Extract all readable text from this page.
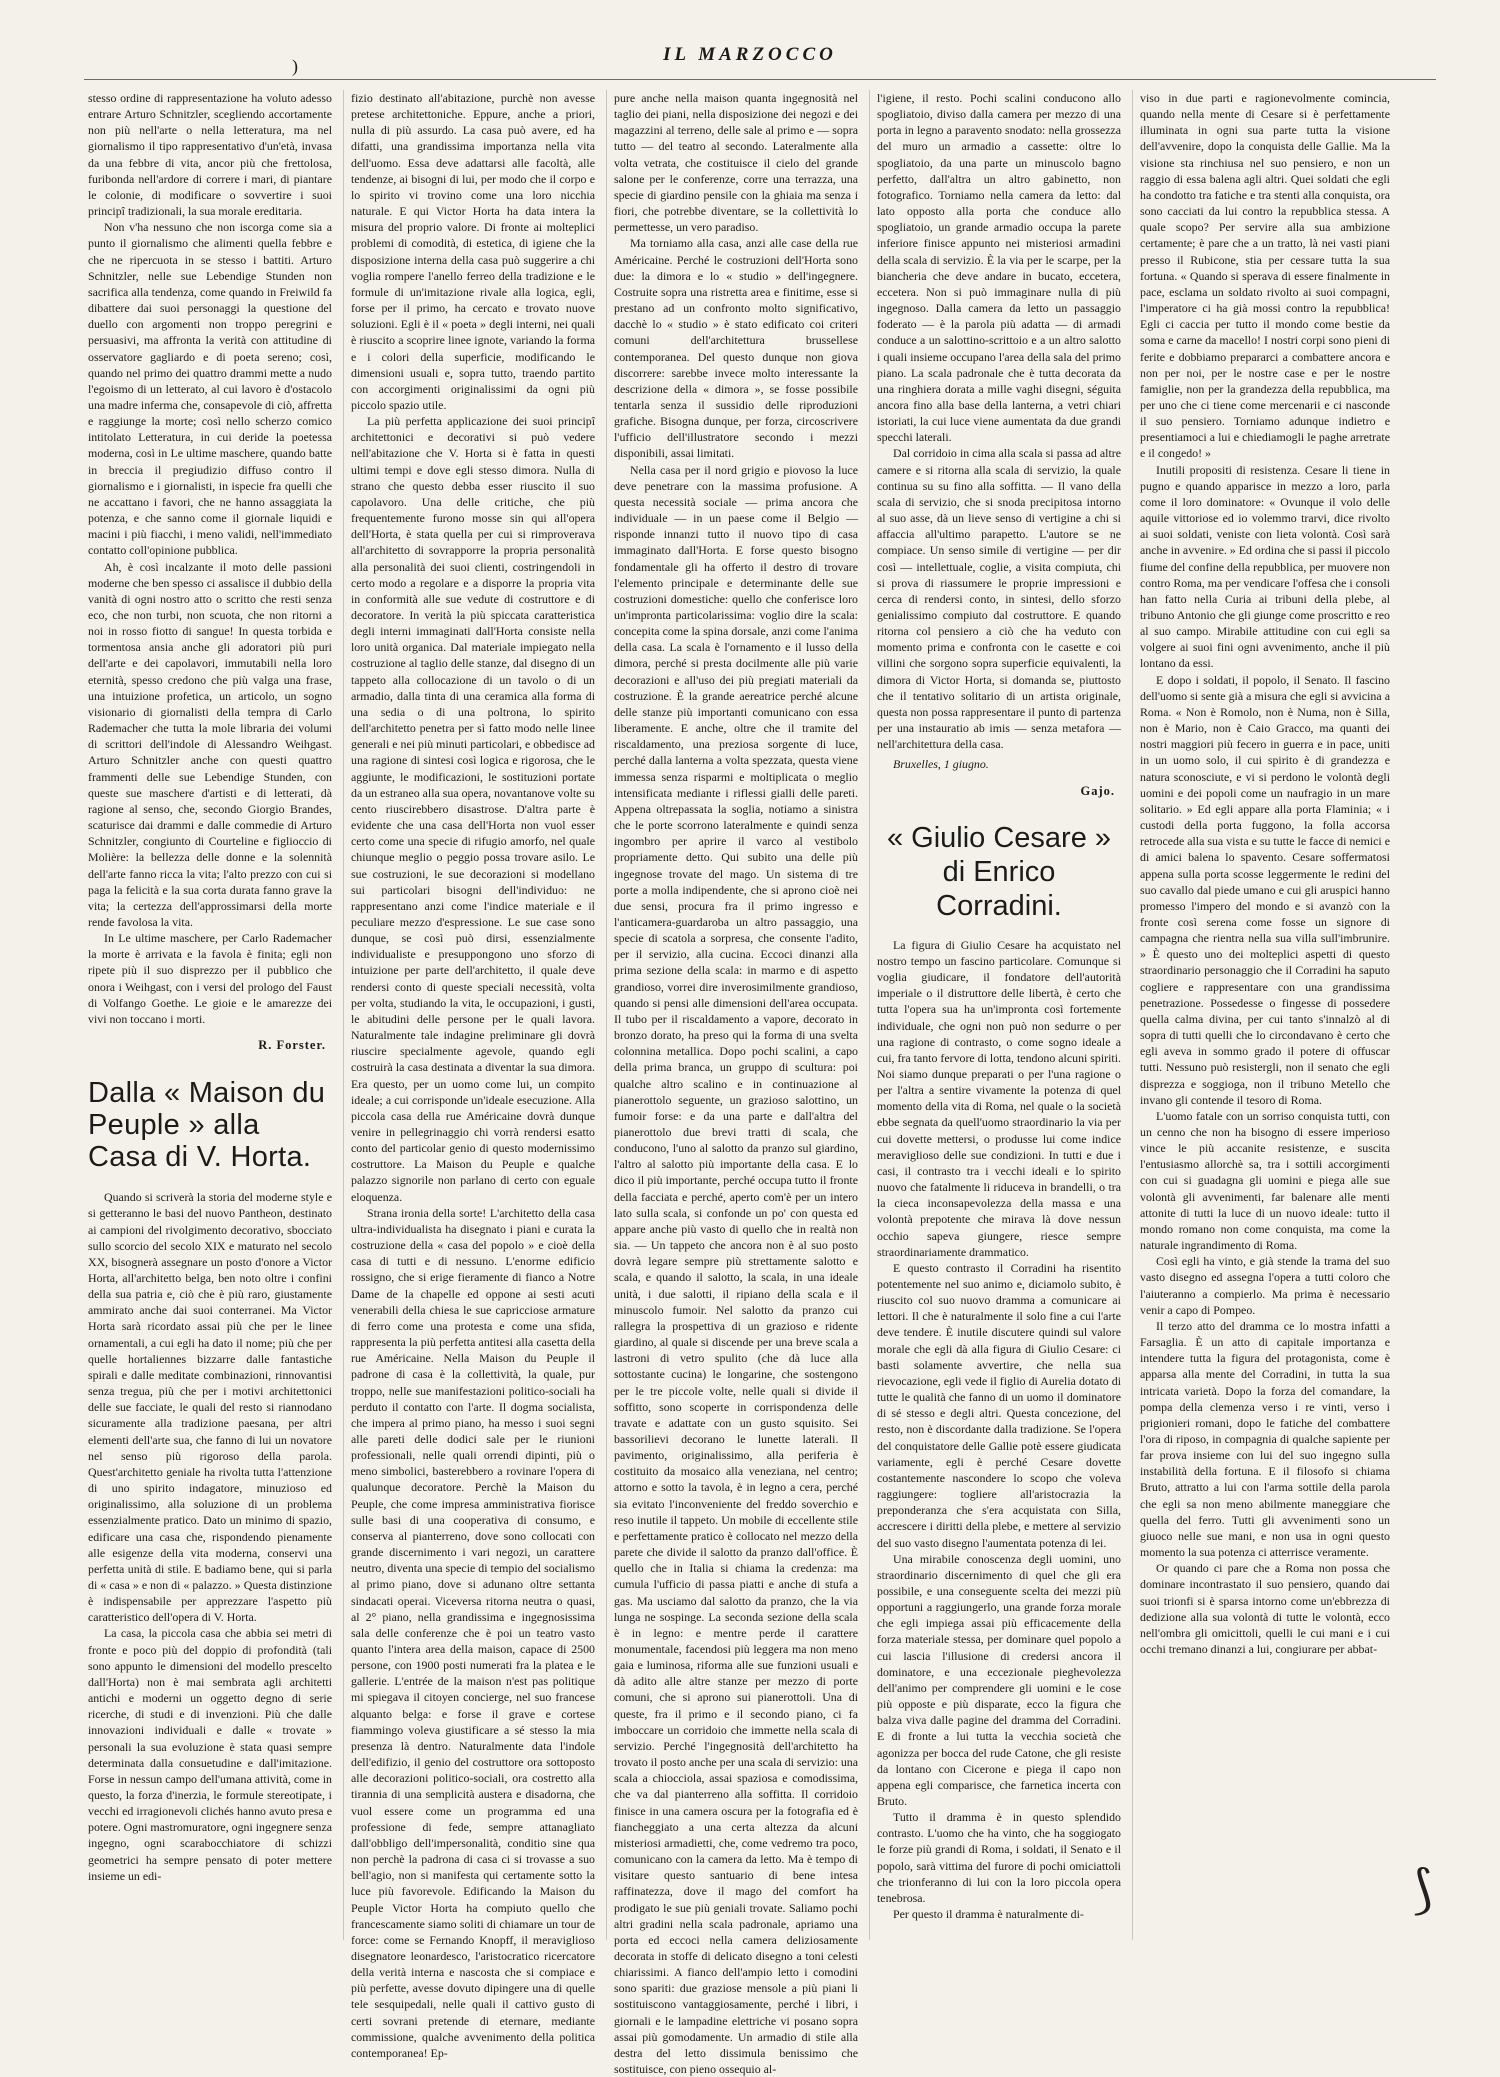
IL MARZOCCO
)

stesso ordine di rappresentazione ha voluto adesso entrare Arturo Schnitzler, scegliendo accortamente non più nell'arte o nella letteratura, ma nel giornalismo il tipo rappresentativo d'un'età, invasa da una febbre di vita, ancor più che frettolosa, furibonda nell'ardore di correre i mari, di piantare le colonie, di modificare o sovvertire i suoi principî tradizionali, la sua morale ereditaria.

Non v'ha nessuno che non iscorga come sia a punto il giornalismo che alimenti quella febbre e che ne ripercuota in se stesso i battiti. Arturo Schnitzler, nelle sue Lebendige Stunden non sacrifica alla tendenza, come quando in Freiwild fa dibattere dai suoi personaggi la questione del duello con argomenti non troppo peregrini e persuasivi, ma affronta la verità con attitudine di osservatore gagliardo e di poeta sereno; così, quando nel primo dei quattro drammi mette a nudo l'egoismo di un letterato, al cui lavoro è d'ostacolo una madre inferma che, consapevole di ciò, affretta e raggiunge la morte; così nello scherzo comico intitolato Letteratura, in cui deride la poetessa moderna, così in Le ultime maschere, quando batte in breccia il pregiudizio diffuso contro il giornalismo e i giornalisti, in ispecie fra quelli che ne accattano i favori, che ne hanno assaggiata la potenza, e che sanno come il giornale liquidi e macini i più fiacchi, i meno validi, nell'immediato contatto coll'opinione pubblica.

Ah, è così incalzante il moto delle passioni moderne che ben spesso ci assalisce il dubbio della vanità di ogni nostro atto o scritto che resti senza eco, che non turbi, non scuota, che non ritorni a noi in rosso fiotto di sangue! In questa torbida e tormentosa ansia anche gli adoratori più puri dell'arte e dei capolavori, immutabili nella loro eternità, spesso credono che più valga una frase, una intuizione profetica, un articolo, un sogno visionario di giornalisti della tempra di Carlo Rademacher che tutta la mole libraria dei volumi di scrittori dell'indole di Alessandro Weihgast. Arturo Schnitzler anche con questi quattro frammenti delle sue Lebendige Stunden, con queste sue maschere d'artisti e di letterati, dà ragione al senso, che, secondo Giorgio Brandes, scaturisce dai drammi e dalle commedie di Arturo Schnitzler, congiunto di Courteline e figlioccio di Molière: la bellezza delle donne e la solennità dell'arte fanno ricca la vita; l'alto prezzo con cui si paga la felicità e la sua corta durata fanno grave la vita; la certezza dell'approssimarsi della morte rende favolosa la vita.

In Le ultime maschere, per Carlo Rademacher la morte è arrivata e la favola è finita; egli non ripete più il suo disprezzo per il pubblico che onora i Weihgast, con i versi del prologo del Faust di Volfango Goethe. Le gioie e le amarezze dei vivi non toccano i morti.

R. Forster.
Dalla « Maison du Peuple » alla Casa di V. Horta.

Quando si scriverà la storia del moderne style e si getteranno le basi del nuovo Pantheon, destinato ai campioni del rivolgimento decorativo, sbocciato sullo scorcio del secolo XIX e maturato nel secolo XX, bisognerà assegnare un posto d'onore a Victor Horta, all'architetto belga, ben noto oltre i confini della sua patria e, ciò che è più raro, giustamente ammirato anche dai suoi conterranei. Ma Victor Horta sarà ricordato assai più che per le linee ornamentali, a cui egli ha dato il nome; più che per quelle hortaliennes bizzarre dalle fantastiche spirali e dalle meditate combinazioni, rinnovantisi senza tregua, più che per i motivi architettonici delle sue facciate, le quali del resto si riannodano sicuramente alla tradizione paesana, per altri elementi dell'arte sua, che fanno di lui un novatore nel senso più rigoroso della parola. Quest'architetto geniale ha rivolta tutta l'attenzione di uno spirito indagatore, minuzioso ed originalissimo, alla soluzione di un problema essenzialmente pratico. Dato un minimo di spazio, edificare una casa che, rispondendo pienamente alle esigenze della vita moderna, conservi una perfetta unità di stile. E badiamo bene, qui si parla di « casa » e non di « palazzo. » Questa distinzione è indispensabile per apprezzare l'aspetto più caratteristico dell'opera di V. Horta.

La casa, la piccola casa che abbia sei metri di fronte e poco più del doppio di profondità (tali sono appunto le dimensioni del modello prescelto dall'Horta) non è mai sembrata agli architetti antichi e moderni un oggetto degno di serie ricerche, di studi e di invenzioni. Più che dalle innovazioni individuali e dalle « trovate » personali la sua evoluzione è stata quasi sempre determinata dalla consuetudine e dall'imitazione. Forse in nessun campo dell'umana attività, come in questo, la forza d'inerzia, le formule stereotipate, i vecchi ed irragionevoli clichés hanno avuto presa e potere. Ogni mastromuratore, ogni ingegnere senza ingegno, ogni scarabocchiatore di schizzi geometrici ha sempre pensato di poter mettere insieme un edi-

fizio destinato all'abitazione, purchè non avesse pretese architettoniche. Eppure, anche a priori, nulla di più assurdo. La casa può avere, ed ha difatti, una grandissima importanza nella vita dell'uomo. Essa deve adattarsi alle facoltà, alle tendenze, ai bisogni di lui, per modo che il corpo e lo spirito vi trovino come una loro nicchia naturale. E qui Victor Horta ha data intera la misura del proprio valore. Di fronte ai molteplici problemi di comodità, di estetica, di igiene che la disposizione interna della casa può suggerire a chi voglia rompere l'anello ferreo della tradizione e le formule di un'imitazione rivale alla logica, egli, forse per il primo, ha cercato e trovato nuove soluzioni. Egli è il « poeta » degli interni, nei quali è riuscito a scoprire linee ignote, variando la forma e i colori della superficie, modificando le dimensioni usuali e, sopra tutto, traendo partito con accorgimenti originalissimi da ogni più piccolo spazio utile.

La più perfetta applicazione dei suoi principî architettonici e decorativi si può vedere nell'abitazione che V. Horta si è fatta in questi ultimi tempi e dove egli stesso dimora. Nulla di strano che questo debba esser riuscito il suo capolavoro. Una delle critiche, che più frequentemente furono mosse sin qui all'opera dell'Horta, è stata quella per cui si rimproverava all'architetto di sovrapporre la propria personalità alla personalità dei suoi clienti, costringendoli in certo modo a regolare e a disporre la propria vita in conformità alle sue vedute di costruttore e di decoratore. In verità la più spiccata caratteristica degli interni immaginati dall'Horta consiste nella loro unità organica. Dal materiale impiegato nella costruzione al taglio delle stanze, dal disegno di un tappeto alla collocazione di un tavolo o di un armadio, dalla tinta di una ceramica alla forma di una sedia o di una poltrona, lo spirito dell'architetto penetra per sì fatto modo nelle linee generali e nei più minuti particolari, e obbedisce ad una ragione di sintesi così logica e rigorosa, che le aggiunte, le modificazioni, le sostituzioni portate da un estraneo alla sua opera, novantanove volte su cento riuscirebbero disastrose. D'altra parte è evidente che una casa dell'Horta non vuol esser certo come una specie di rifugio amorfo, nel quale chiunque meglio o peggio possa trovare asilo. Le sue costruzioni, le sue decorazioni si modellano sui particolari bisogni dell'individuo: ne rappresentano anzi come l'indice materiale e il peculiare mezzo d'espressione. Le sue case sono dunque, se così può dirsi, essenzialmente individualiste e presuppongono uno sforzo di intuizione per parte dell'architetto, il quale deve rendersi conto di queste speciali necessità, volta per volta, studiando la vita, le occupazioni, i gusti, le abitudini delle persone per le quali lavora. Naturalmente tale indagine preliminare gli dovrà riuscire specialmente agevole, quando egli costruirà la casa destinata a diventar la sua dimora. Era questo, per un uomo come lui, un compito ideale; a cui corrisponde un'ideale esecuzione. Alla piccola casa della rue Américaine dovrà dunque venire in pellegrinaggio chi vorrà rendersi esatto conto del particolar genio di questo modernissimo costruttore. La Maison du Peuple e qualche palazzo signorile non parlano di certo con eguale eloquenza.

Strana ironia della sorte! L'architetto della casa ultra-individualista ha disegnato i piani e curata la costruzione della « casa del popolo » e cioè della casa di tutti e di nessuno. L'enorme edificio rossigno, che si erige fieramente di fianco a Notre Dame de la chapelle ed oppone ai sesti acuti venerabili della chiesa le sue capricciose armature di ferro come una protesta e come una sfida, rappresenta la più perfetta antitesi alla casetta della rue Américaine. Nella Maison du Peuple il padrone di casa è la collettività, la quale, pur troppo, nelle sue manifestazioni politico-sociali ha perduto il contatto con l'arte. Il dogma socialista, che impera al primo piano, ha messo i suoi segni alle pareti delle dodici sale per le riunioni professionali, nelle quali orrendi dipinti, più o meno simbolici, basterebbero a rovinare l'opera di qualunque decoratore. Perchè la Maison du Peuple, che come impresa amministrativa fiorisce sulle basi di una cooperativa di consumo, e conserva al pianterreno, dove sono collocati con grande discernimento i vari negozi, un carattere neutro, diventa una specie di tempio del socialismo al primo piano, dove si adunano oltre settanta sindacati operai. Viceversa ritorna neutra o quasi, al 2° piano, nella grandissima e ingegnosissima sala delle conferenze che è poi un teatro vasto quanto l'intera area della maison, capace di 2500 persone, con 1900 posti numerati fra la platea e le gallerie. L'entrée de la maison n'est pas politique mi spiegava il citoyen concierge, nel suo francese alquanto belga: e forse il grave e cortese fiammingo voleva giustificare a sé stesso la mia presenza là dentro. Naturalmente data l'indole dell'edifizio, il genio del costruttore ora sottoposto alle decorazioni politico-sociali, ora costretto alla tirannia di una semplicità austera e disadorna, che vuol essere come un programma ed una professione di fede, sempre attanagliato dall'obbligo dell'impersonalità, conditio sine qua non perchè la padrona di casa ci si trovasse a suo bell'agio, non si manifesta qui certamente sotto la luce più favorevole. Edificando la Maison du Peuple Victor Horta ha compiuto quello che francescamente siamo soliti di chiamare un tour de force: come se Fernando Knopff, il meraviglioso disegnatore leonardesco, l'aristocratico ricercatore della verità interna e nascosta che si compiace e più perfette, avesse dovuto dipingere una di quelle tele sesquipedali, nelle quali il cattivo gusto di certi sovrani pretende di eternare, mediante commissione, qualche avvenimento della politica contemporanea! Ep-

pure anche nella maison quanta ingegnosità nel taglio dei piani, nella disposizione dei negozi e dei magazzini al terreno, delle sale al primo e — sopra tutto — del teatro al secondo. Lateralmente alla volta vetrata, che costituisce il cielo del grande salone per le conferenze, corre una terrazza, una specie di giardino pensile con la ghiaia ma senza i fiori, che potrebbe diventare, se la collettività lo permettesse, un vero paradiso.

Ma torniamo alla casa, anzi alle case della rue Américaine. Perché le costruzioni dell'Horta sono due: la dimora e lo « studio » dell'ingegnere. Costruite sopra una ristretta area e finitime, esse si prestano ad un confronto molto significativo, dacchè lo « studio » è stato edificato coi criteri comuni dell'architettura brussellese contemporanea. Del questo dunque non giova discorrere: sarebbe invece molto interessante la descrizione della « dimora », se fosse possibile tentarla senza il sussidio delle riproduzioni grafiche. Bisogna dunque, per forza, circoscrivere l'ufficio dell'illustratore secondo i mezzi disponibili, assai limitati.

Nella casa per il nord grigio e piovoso la luce deve penetrare con la massima profusione. A questa necessità sociale — prima ancora che individuale — in un paese come il Belgio — risponde innanzi tutto il nuovo tipo di casa immaginato dall'Horta. E forse questo bisogno fondamentale gli ha offerto il destro di trovare l'elemento principale e determinante delle sue costruzioni domestiche: quello che conferisce loro un'impronta particolarissima: voglio dire la scala: concepita come la spina dorsale, anzi come l'anima della casa. La scala è l'ornamento e il lusso della dimora, perché si presta docilmente alle più varie decorazioni e all'uso dei più pregiati materiali da costruzione. È la grande aereatrice perché alcune delle stanze più importanti comunicano con essa liberamente. E anche, oltre che il tramite del riscaldamento, una preziosa sorgente di luce, perché dalla lanterna a volta spezzata, questa viene immessa senza risparmi e moltiplicata o meglio intensificata mediante i riflessi gialli delle pareti. Appena oltrepassata la soglia, notiamo a sinistra che le porte scorrono lateralmente e quindi senza ingombro per aprire il varco al vestibolo propriamente detto. Qui subito una delle più ingegnose trovate del mago. Un sistema di tre porte a molla indipendente, che si aprono cioè nei due sensi, procura fra il primo ingresso e l'anticamera-guardaroba un altro passaggio, una specie di scatola a sorpresa, che consente l'adito, per il servizio, alla cucina. Eccoci dinanzi alla prima sezione della scala: in marmo e di aspetto grandioso, vorrei dire inverosimilmente grandioso, quando si pensi alle dimensioni dell'area occupata. Il tubo per il riscaldamento a vapore, decorato in bronzo dorato, ha preso qui la forma di una svelta colonnina metallica. Dopo pochi scalini, a capo della prima branca, un gruppo di scultura: poi qualche altro scalino e in continuazione al pianerottolo seguente, un grazioso salottino, un fumoir forse: e da una parte e dall'altra del pianerottolo due brevi tratti di scala, che conducono, l'uno al salotto da pranzo sul giardino, l'altro al salotto più importante della casa. E lo dico il più importante, perché occupa tutto il fronte della facciata e perché, aperto com'è per un intero lato sulla scala, si confonde un po' con questa ed appare anche più vasto di quello che in realtà non sia. — Un tappeto che ancora non è al suo posto dovrà legare sempre più strettamente salotto e scala, e quando il salotto, la scala, in una ideale unità, i due salotti, il ripiano della scala e il minuscolo fumoir. Nel salotto da pranzo cui rallegra la prospettiva di un grazioso e ridente giardino, al quale si discende per una breve scala a lastroni di vetro spulito (che dà luce alla sottostante cucina) le longarine, che sostengono per le tre piccole volte, nelle quali si divide il soffitto, sono scoperte in corrispondenza delle travate e adattate con un gusto squisito. Sei bassorilievi decorano le lunette laterali. Il pavimento, originalissimo, alla periferia è costituito da mosaico alla veneziana, nel centro; attorno e sotto la tavola, è in legno a cera, perché sia evitato l'inconveniente del freddo soverchio e reso inutile il tappeto. Un mobile di eccellente stile e perfettamente pratico è collocato nel mezzo della parete che divide il salotto da pranzo dall'office. È quello che in Italia si chiama la credenza: ma cumula l'ufficio di passa piatti e anche di stufa a gas. Ma usciamo dal salotto da pranzo, che la via lunga ne sospinge. La seconda sezione della scala è in legno: e mentre perde il carattere monumentale, facendosi più leggera ma non meno gaia e luminosa, riforma alle sue funzioni usuali e dà adito alle altre stanze per mezzo di porte comuni, che si aprono sui pianerottoli. Una di queste, fra il primo e il secondo piano, ci fa imboccare un corridoio che immette nella scala di servizio. Perché l'ingegnosità dell'architetto ha trovato il posto anche per una scala di servizio: una scala a chiocciola, assai spaziosa e comodissima, che va dal pianterreno alla soffitta. Il corridoio finisce in una camera oscura per la fotografia ed è fiancheggiato a una certa altezza da alcuni misteriosi armadietti, che, come vedremo tra poco, comunicano con la camera da letto. Ma è tempo di visitare questo santuario di bene intesa raffinatezza, dove il mago del comfort ha prodigato le sue più geniali trovate. Saliamo pochi altri gradini nella scala padronale, apriamo una porta ed eccoci nella camera deliziosamente decorata in stoffe di delicato disegno a toni celesti chiarissimi. A fianco dell'ampio letto i comodini sono spariti: due graziose mensole a più piani li sostituiscono vantaggiosamente, perché i libri, i giornali e le lampadine elettriche vi posano sopra assai più gomodamente. Un armadio di stile alla destra del letto dissimula benissimo che sostituisce, con pieno ossequio al-

l'igiene, il resto. Pochi scalini conducono allo spogliatoio, diviso dalla camera per mezzo di una porta in legno a paravento snodato: nella grossezza del muro un armadio a cassette: oltre lo spogliatoio, da una parte un minuscolo bagno perfetto, dall'altra un altro gabinetto, non fotografico. Torniamo nella camera da letto: dal lato opposto alla porta che conduce allo spogliatoio, un grande armadio occupa la parete inferiore finisce appunto nei misteriosi armadini della scala di servizio. È la via per le scarpe, per la biancheria che deve andare in bucato, eccetera, eccetera. Non si può immaginare nulla di più ingegnoso. Dalla camera da letto un passaggio foderato — è la parola più adatta — di armadi conduce a un salottino-scrittoio e a un altro salotto i quali insieme occupano l'area della sala del primo piano. La scala padronale che è tutta decorata da una ringhiera dorata a mille vaghi disegni, séguita ancora fino alla base della lanterna, a vetri chiari istoriati, la cui luce viene aumentata da due grandi specchi laterali.

Dal corridoio in cima alla scala si passa ad altre camere e si ritorna alla scala di servizio, la quale continua su su fino alla soffitta. — Il vano della scala di servizio, che si snoda precipitosa intorno al suo asse, dà un lieve senso di vertigine a chi si affaccia all'ultimo parapetto. L'autore se ne compiace. Un senso simile di vertigine — per dir così — intellettuale, coglie, a visita compiuta, chi si prova di riassumere le proprie impressioni e cerca di rendersi conto, in sintesi, dello sforzo genialissimo compiuto dal costruttore. E quando ritorna col pensiero a ciò che ha veduto con momento prima e confronta con le casette e coi villini che sorgono sopra superficie equivalenti, la dimora di Victor Horta, si domanda se, piuttosto che il tentativo solitario di un artista originale, questa non possa rappresentare il punto di partenza per una instauratio ab imis — senza metafora — nell'architettura della casa.

Bruxelles, 1 giugno.

Gajo.
« Giulio Cesare »
di Enrico Corradini.

La figura di Giulio Cesare ha acquistato nel nostro tempo un fascino particolare. Comunque si voglia giudicare, il fondatore dell'autorità imperiale o il distruttore delle libertà, è certo che tutta l'opera sua ha un'impronta così fortemente individuale, che ogni non può non sedurre o per una ragione di contrasto, o come sogno ideale a cui, fra tanto fervore di lotta, tendono alcuni spiriti. Noi siamo dunque preparati o per l'una ragione o per l'altra a sentire vivamente la potenza di quel momento della vita di Roma, nel quale o la società ebbe segnata da quell'uomo straordinario la via per cui dovette mettersi, o produsse lui come indice meraviglioso delle sue condizioni. In tutti e due i casi, il contrasto tra i vecchi ideali e lo spirito nuovo che fatalmente li riduceva in brandelli, o tra la cieca inconsapevolezza della massa e una volontà prepotente che mirava là dove nessun occhio sapeva giungere, riesce sempre straordinariamente drammatico.

E questo contrasto il Corradini ha risentito potentemente nel suo animo e, diciamolo subito, è riuscito col suo nuovo dramma a comunicare ai lettori. Il che è naturalmente il solo fine a cui l'arte deve tendere. È inutile discutere quindi sul valore morale che egli dà alla figura di Giulio Cesare: ci basti solamente avvertire, che nella sua rievocazione, egli vede il figlio di Aurelia dotato di tutte le qualità che fanno di un uomo il dominatore di sé stesso e degli altri. Questa concezione, del resto, non è discordante dalla tradizione. Se l'opera del conquistatore delle Gallie potè essere giudicata variamente, egli è perché Cesare dovette costantemente nascondere lo scopo che voleva raggiungere: togliere all'aristocrazia la preponderanza che s'era acquistata con Silla, accrescere i diritti della plebe, e mettere al servizio del suo vasto disegno l'aumentata potenza di lei.

Una mirabile conoscenza degli uomini, uno straordinario discernimento di quel che gli era possibile, e una conseguente scelta dei mezzi più opportuni a raggiungerlo, una grande forza morale che egli impiega assai più efficacemente della forza materiale stessa, per dominare quel popolo a cui lascia l'illusione di credersi ancora il dominatore, e una eccezionale pieghevolezza dell'animo per comprendere gli uomini e le cose più opposte e più disparate, ecco la figura che balza viva dalle pagine del dramma del Corradini. E di fronte a lui tutta la vecchia società che agonizza per bocca del rude Catone, che gli resiste da lontano con Cicerone e piega il capo non appena egli comparisce, che farnetica incerta con Bruto.

Tutto il dramma è in questo splendido contrasto. L'uomo che ha vinto, che ha soggiogato le forze più grandi di Roma, i soldati, il Senato e il popolo, sarà vittima del furore di pochi omiciattoli che trionferanno di lui con la loro piccola opera tenebrosa.

Per questo il dramma è naturalmente di-

viso in due parti e ragionevolmente comincia, quando nella mente di Cesare si è perfettamente illuminata in ogni sua parte tutta la visione dell'avvenire, dopo la conquista delle Gallie. Ma la visione sta rinchiusa nel suo pensiero, e non un raggio di essa balena agli altri. Quei soldati che egli ha condotto tra fatiche e tra stenti alla conquista, ora sono cacciati da lui contro la repubblica stessa. A quale scopo? Per servire alla sua ambizione certamente; è pare che a un tratto, là nei vasti piani presso il Rubicone, stia per cessare tutta la sua fortuna. « Quando si sperava di essere finalmente in pace, esclama un soldato rivolto ai suoi compagni, l'imperatore ci ha già mossi contro la repubblica! Egli ci caccia per tutto il mondo come bestie da soma e carne da macello! I nostri corpi sono pieni di ferite e dobbiamo prepararci a combattere ancora e non per noi, per le nostre case e per le nostre famiglie, non per la grandezza della repubblica, ma per uno che ci tiene come mercenarii e ci nasconde il suo pensiero. Torniamo adunque indietro e presentiamoci a lui e chiediamogli le paghe arretrate e il congedo! »

Inutili propositi di resistenza. Cesare li tiene in pugno e quando apparisce in mezzo a loro, parla come il loro dominatore: « Ovunque il volo delle aquile vittoriose ed io volemmo trarvi, dice rivolto ai suoi soldati, veniste con lieta volontà. Così sarà anche in avvenire. » Ed ordina che si passi il piccolo fiume del confine della repubblica, per muovere non contro Roma, ma per vendicare l'offesa che i consoli han fatto nella Curia ai tribuni della plebe, al tribuno Antonio che gli giunge come proscritto e reo al suo campo. Mirabile attitudine con cui egli sa volgere ai suoi fini ogni avvenimento, anche il più lontano da essi.

E dopo i soldati, il popolo, il Senato. Il fascino dell'uomo si sente già a misura che egli si avvicina a Roma. « Non è Romolo, non è Numa, non è Silla, non è Mario, non è Caio Gracco, ma quanti dei nostri maggiori più fecero in guerra e in pace, uniti in un uomo solo, il cui spirito è di grandezza e natura sconosciute, e vi si perdono le volontà degli uomini e dei popoli come un naufragio in un mare solitario. » Ed egli appare alla porta Flaminia; « i custodi della porta fuggono, la folla accorsa retrocede alla sua vista e su tutte le facce di nemici e di amici balena lo spavento. Cesare soffermatosi appena sulla porta scosse leggermente le redini del suo cavallo dal piede umano e cui gli aruspici hanno promesso l'impero del mondo e si avanzò con la fronte così serena come fosse un signore di campagna che rientra nella sua villa sull'imbrunire. » È questo uno dei molteplici aspetti di questo straordinario personaggio che il Corradini ha saputo cogliere e rappresentare con una grandissima penetrazione. Possedesse o fingesse di possedere quella calma divina, per cui tanto s'innalzò al di sopra di tutti quelli che lo circondavano è certo che egli aveva in sommo grado il potere di offuscar tutti. Nessuno può resistergli, non il senato che egli disprezza e soggioga, non il tribuno Metello che invano gli contende il tesoro di Roma.

L'uomo fatale con un sorriso conquista tutti, con un cenno che non ha bisogno di essere imperioso vince le più accanite resistenze, e suscita l'entusiasmo allorchè sa, tra i sottili accorgimenti con cui si guadagna gli uomini e piega alle sue volontà gli avvenimenti, far balenare alle menti attonite di tutti la luce di un nuovo ideale: tutto il mondo romano non come conquista, ma come la naturale ingrandimento di Roma.

Così egli ha vinto, e già stende la trama del suo vasto disegno ed assegna l'opera a tutti coloro che l'aiuteranno a compierlo. Ma prima è necessario venir a capo di Pompeo.

Il terzo atto del dramma ce lo mostra infatti a Farsaglia. È un atto di capitale importanza e intendere tutta la figura del protagonista, come è apparsa alla mente del Corradini, in tutta la sua intricata varietà. Dopo la forza del comandare, la pompa della clemenza verso i re vinti, verso i prigionieri romani, dopo le fatiche del combattere l'ora di riposo, in compagnia di qualche sapiente per far prova insieme con lui del suo ingegno sulla instabilità della fortuna. E il filosofo si chiama Bruto, attratto a lui con l'arma sottile della parola che egli sa non meno abilmente maneggiare che quella del ferro. Tutti gli avvenimenti sono un giuoco nelle sue mani, e non usa in ogni questo momento la sua potenza ci atterrisce veramente.

Or quando ci pare che a Roma non possa che dominare incontrastato il suo pensiero, quando dai suoi trionfi si è sparsa intorno come un'ebbrezza di dedizione alla sua volontà di tutte le volontà, ecco nell'ombra gli omicittoli, quelli le cui mani e i cui occhi tremano dinanzi a lui, congiurare per abbat-

⟆
